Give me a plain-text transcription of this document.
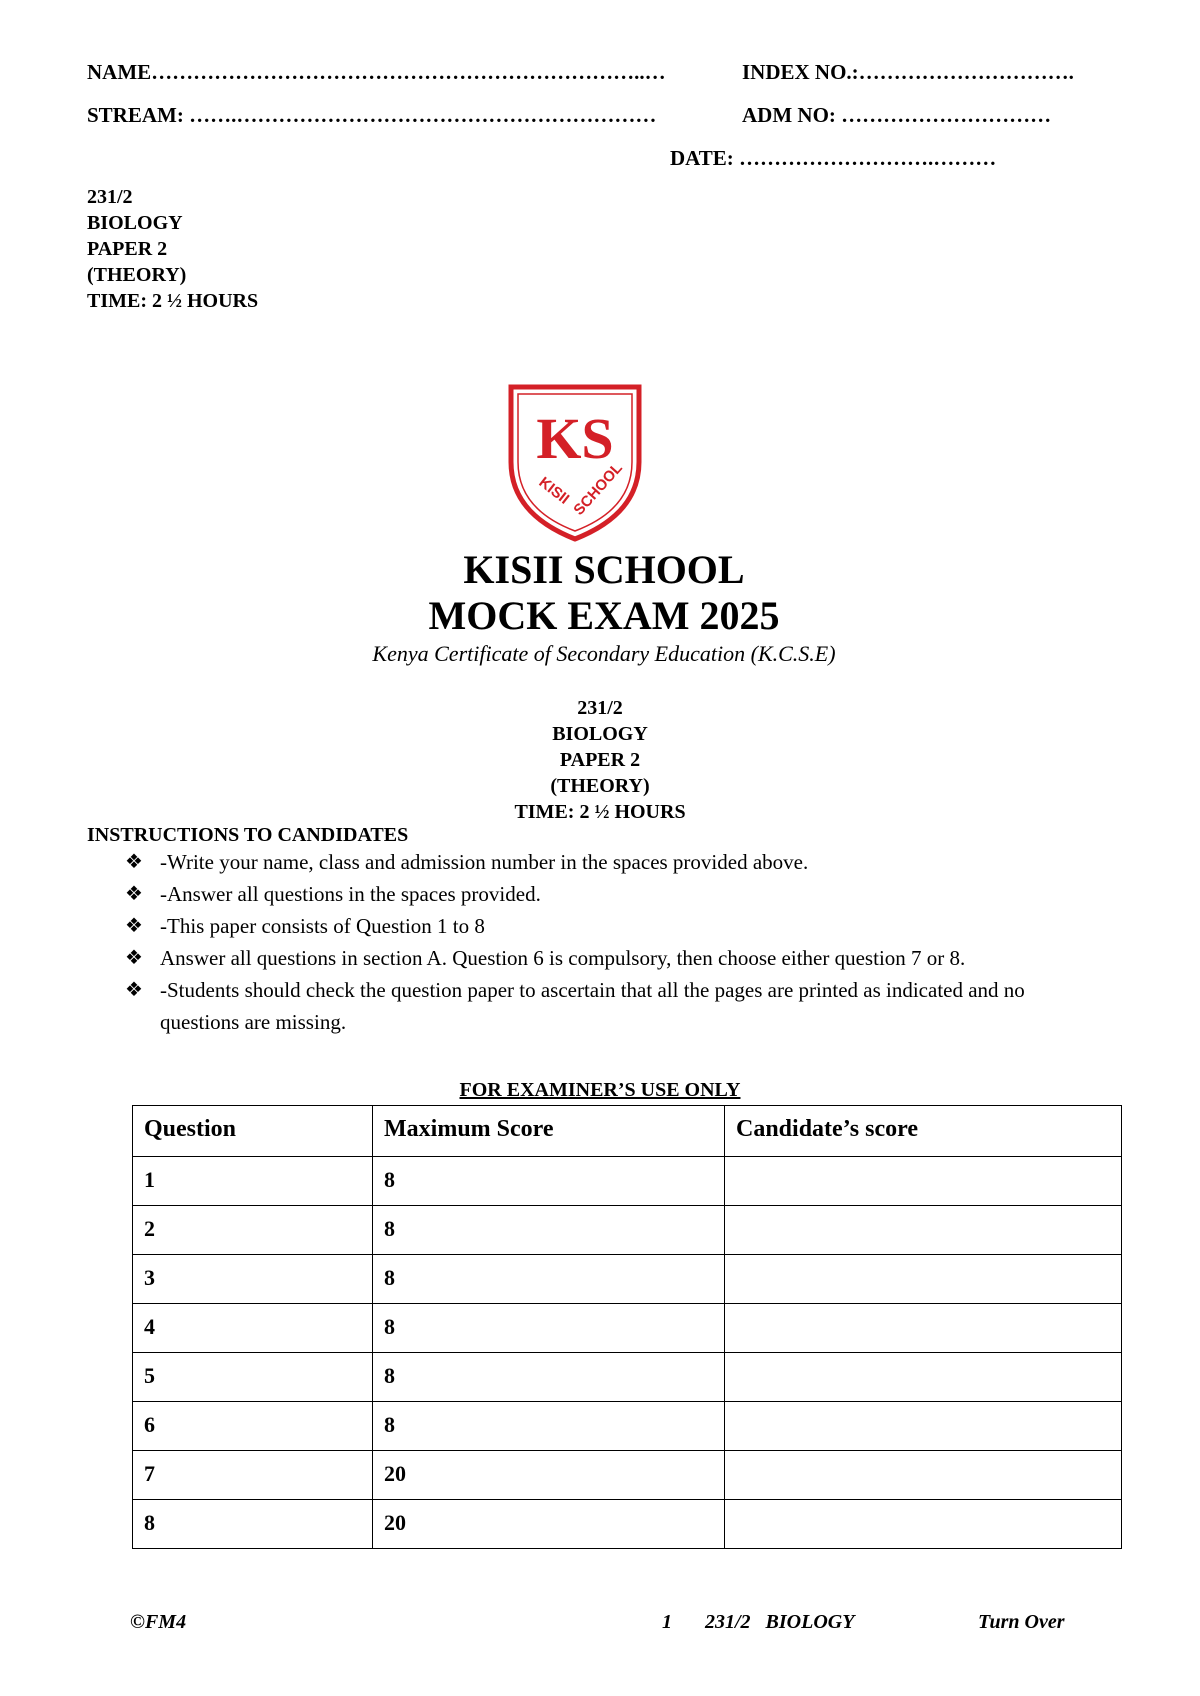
NAME……………………………………………………………..…	INDEX NO.:………………………….
STREAM: …….……………………………………………………	ADM NO: …………………………
DATE: ……………………….………
231/2
BIOLOGY
PAPER 2
(THEORY)
TIME: 2 ½ HOURS
KS
KISII
SCHOOL
KISII SCHOOL
MOCK EXAM 2025
Kenya Certificate of Secondary Education (K.C.S.E)
231/2
BIOLOGY
PAPER 2
(THEORY)
TIME: 2 ½ HOURS
INSTRUCTIONS TO CANDIDATES
❖ -Write your name, class and admission number in the spaces provided above.
❖ -Answer all questions in the spaces provided.
❖ -This paper consists of Question 1 to 8
❖ Answer all questions in section A. Question 6 is compulsory, then choose either question 7 or 8.
❖ -Students should check the question paper to ascertain that all the pages are printed as indicated and no questions are missing.
FOR EXAMINER’S USE ONLY
Question	Maximum Score	Candidate’s score
1	8	
2	8	
3	8	
4	8	
5	8	
6	8	
7	20	
8	20	
©FM4	1 231/2   BIOLOGY	Turn Over
